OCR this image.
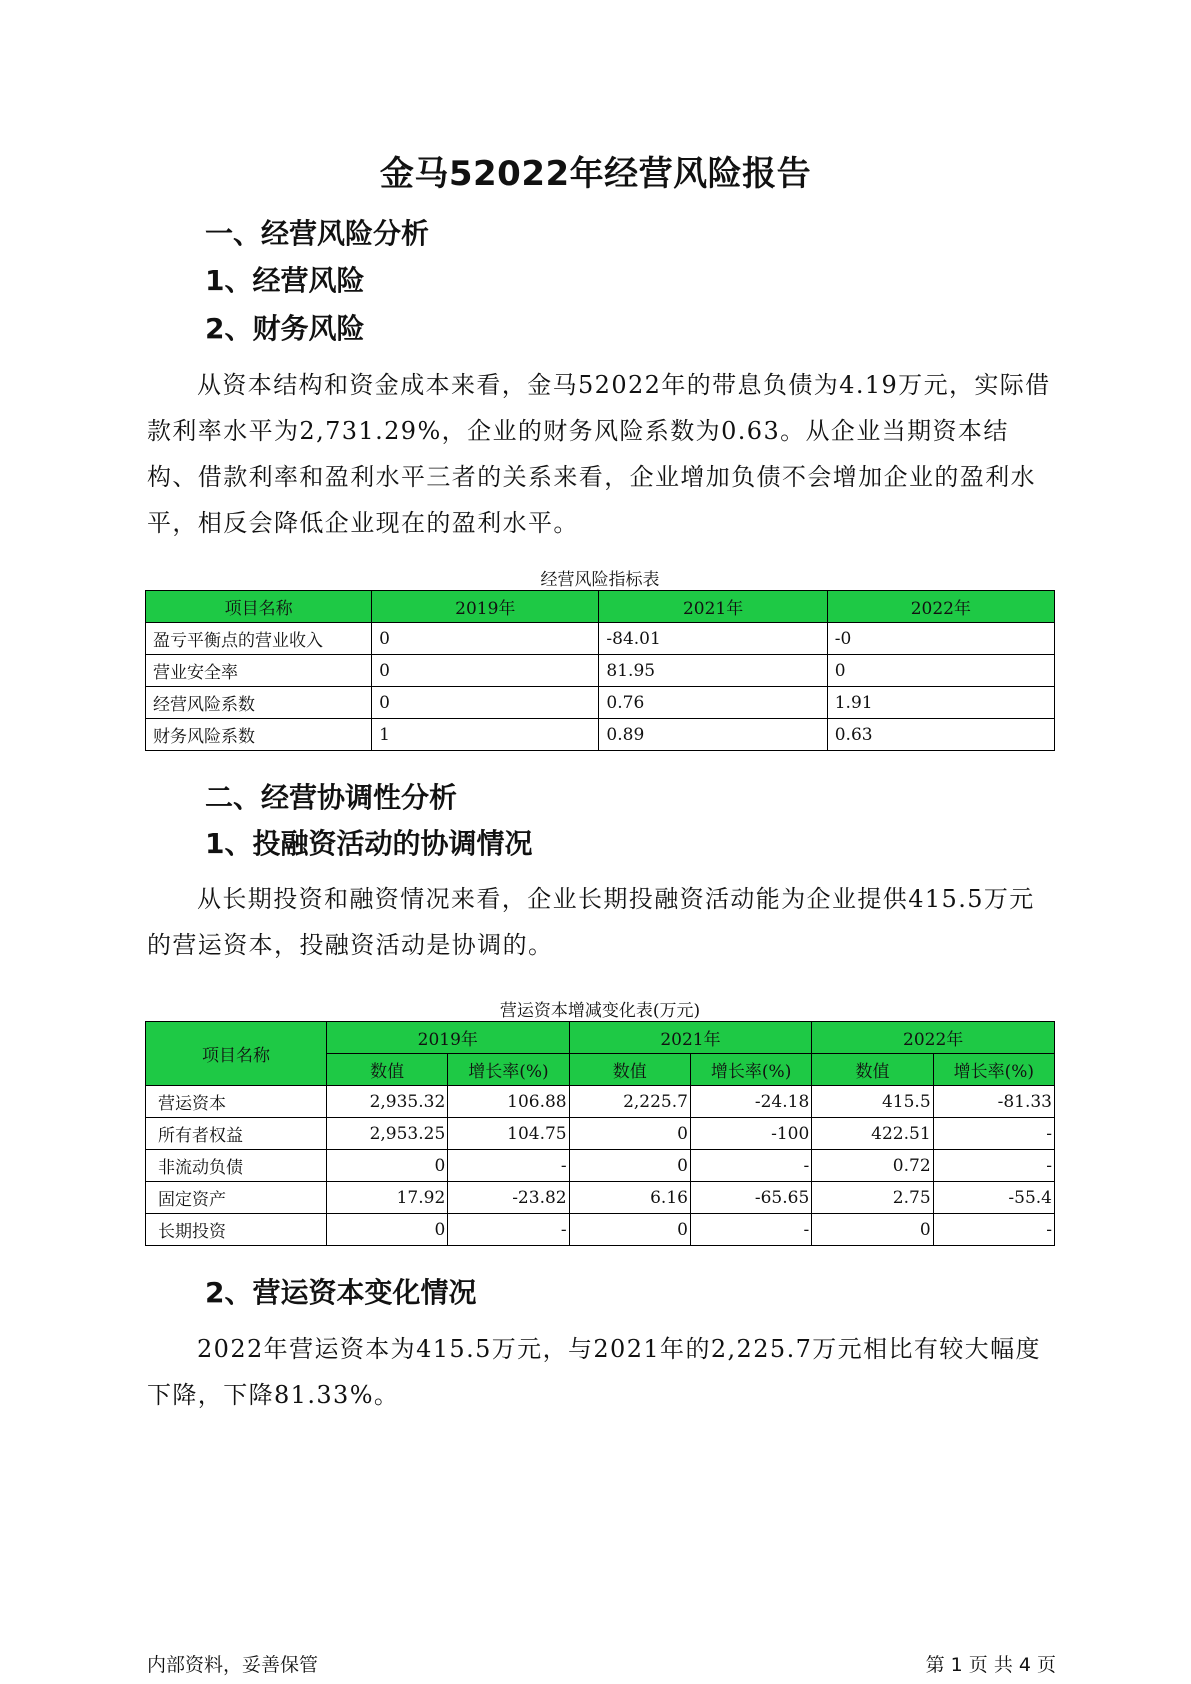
金马52022年经营风险报告
一、经营风险分析
1、经营风险
2、财务风险

从资本结构和资金成本来看，金马52022年的带息负债为4.19万元，实际借款利率水平为2,731.29%，企业的财务风险系数为0.63。从企业当期资本结构、借款利率和盈利水平三者的关系来看，企业增加负债不会增加企业的盈利水平，相反会降低企业现在的盈利水平。

经营风险指标表
项目名称	2019年	2021年	2022年
盈亏平衡点的营业收入	0	-84.01	-0
营业安全率	0	81.95	0
经营风险系数	0	0.76	1.91
财务风险系数	1	0.89	0.63
二、经营协调性分析
1、投融资活动的协调情况

从长期投资和融资情况来看，企业长期投融资活动能为企业提供415.5万元的营运资本，投融资活动是协调的。

营运资本增减变化表(万元)
项目名称	2019年		2021年		2022年	
	数值	增长率(%)	数值	增长率(%)	数值	增长率(%)
营运资本	2,935.32	106.88	2,225.7	-24.18	415.5	-81.33
所有者权益	2,953.25	104.75	0	-100	422.51	-
非流动负债	0	-	0	-	0.72	-
固定资产	17.92	-23.82	6.16	-65.65	2.75	-55.4
长期投资	0	-	0	-	0	-
2、营运资本变化情况

2022年营运资本为415.5万元，与2021年的2,225.7万元相比有较大幅度下降，下降81.33%。

内部资料，妥善保管	第 1 页 共 4 页
